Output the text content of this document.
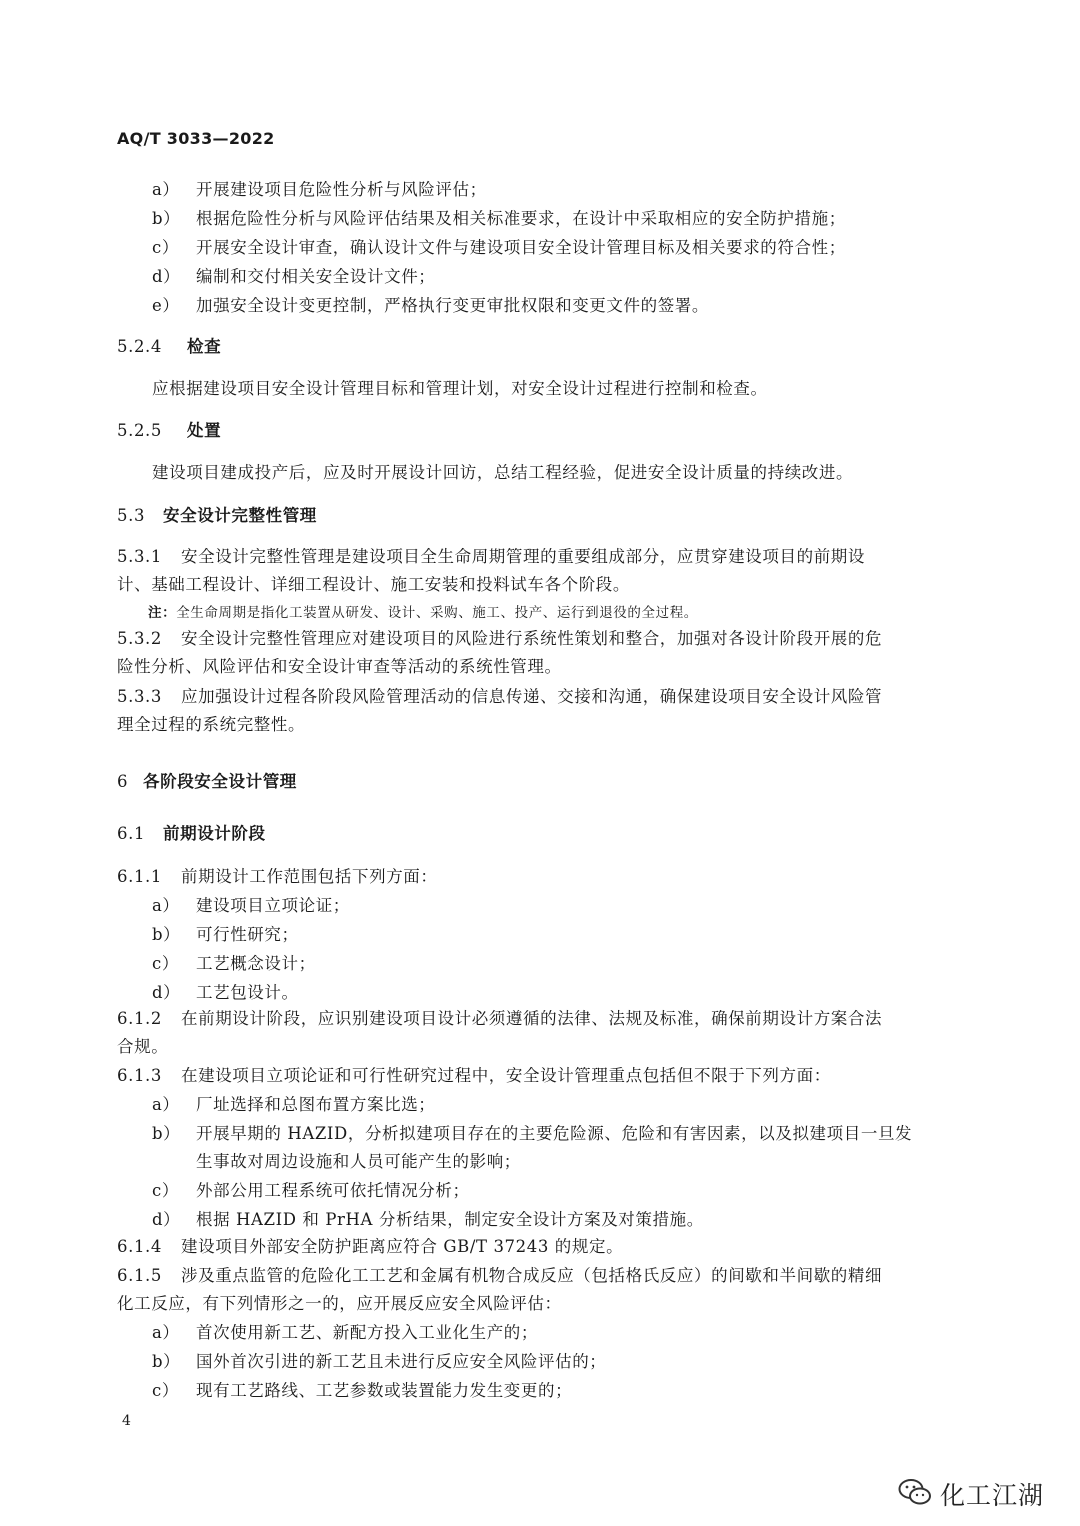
AQ/T 3033—2022
a） 开展建设项目危险性分析与风险评估；
b） 根据危险性分析与风险评估结果及相关标准要求，在设计中采取相应的安全防护措施；
c） 开展安全设计审查，确认设计文件与建设项目安全设计管理目标及相关要求的符合性；
d） 编制和交付相关安全设计文件；
e） 加强安全设计变更控制，严格执行变更审批权限和变更文件的签署。
5.2.4 检查
应根据建设项目安全设计管理目标和管理计划，对安全设计过程进行控制和检查。
5.2.5 处置
建设项目建成投产后，应及时开展设计回访，总结工程经验，促进安全设计质量的持续改进。
5.3 安全设计完整性管理
5.3.1 安全设计完整性管理是建设项目全生命周期管理的重要组成部分，应贯穿建设项目的前期设
计、基础工程设计、详细工程设计、施工安装和投料试车各个阶段。
注：全生命周期是指化工装置从研发、设计、采购、施工、投产、运行到退役的全过程。
5.3.2 安全设计完整性管理应对建设项目的风险进行系统性策划和整合，加强对各设计阶段开展的危
险性分析、风险评估和安全设计审查等活动的系统性管理。
5.3.3 应加强设计过程各阶段风险管理活动的信息传递、交接和沟通，确保建设项目安全设计风险管
理全过程的系统完整性。
6 各阶段安全设计管理
6.1 前期设计阶段
6.1.1 前期设计工作范围包括下列方面：
a） 建设项目立项论证；
b） 可行性研究；
c） 工艺概念设计；
d） 工艺包设计。
6.1.2 在前期设计阶段，应识别建设项目设计必须遵循的法律、法规及标准，确保前期设计方案合法
合规。
6.1.3 在建设项目立项论证和可行性研究过程中，安全设计管理重点包括但不限于下列方面：
a） 厂址选择和总图布置方案比选；
b） 开展早期的 HAZID，分析拟建项目存在的主要危险源、危险和有害因素，以及拟建项目一旦发
生事故对周边设施和人员可能产生的影响；
c） 外部公用工程系统可依托情况分析；
d） 根据 HAZID 和 PrHA 分析结果，制定安全设计方案及对策措施。
6.1.4 建设项目外部安全防护距离应符合 GB/T 37243 的规定。
6.1.5 涉及重点监管的危险化工工艺和金属有机物合成反应（包括格氏反应）的间歇和半间歇的精细
化工反应，有下列情形之一的，应开展反应安全风险评估：
a） 首次使用新工艺、新配方投入工业化生产的；
b） 国外首次引进的新工艺且未进行反应安全风险评估的；
c） 现有工艺路线、工艺参数或装置能力发生变更的；
4
化工江湖
